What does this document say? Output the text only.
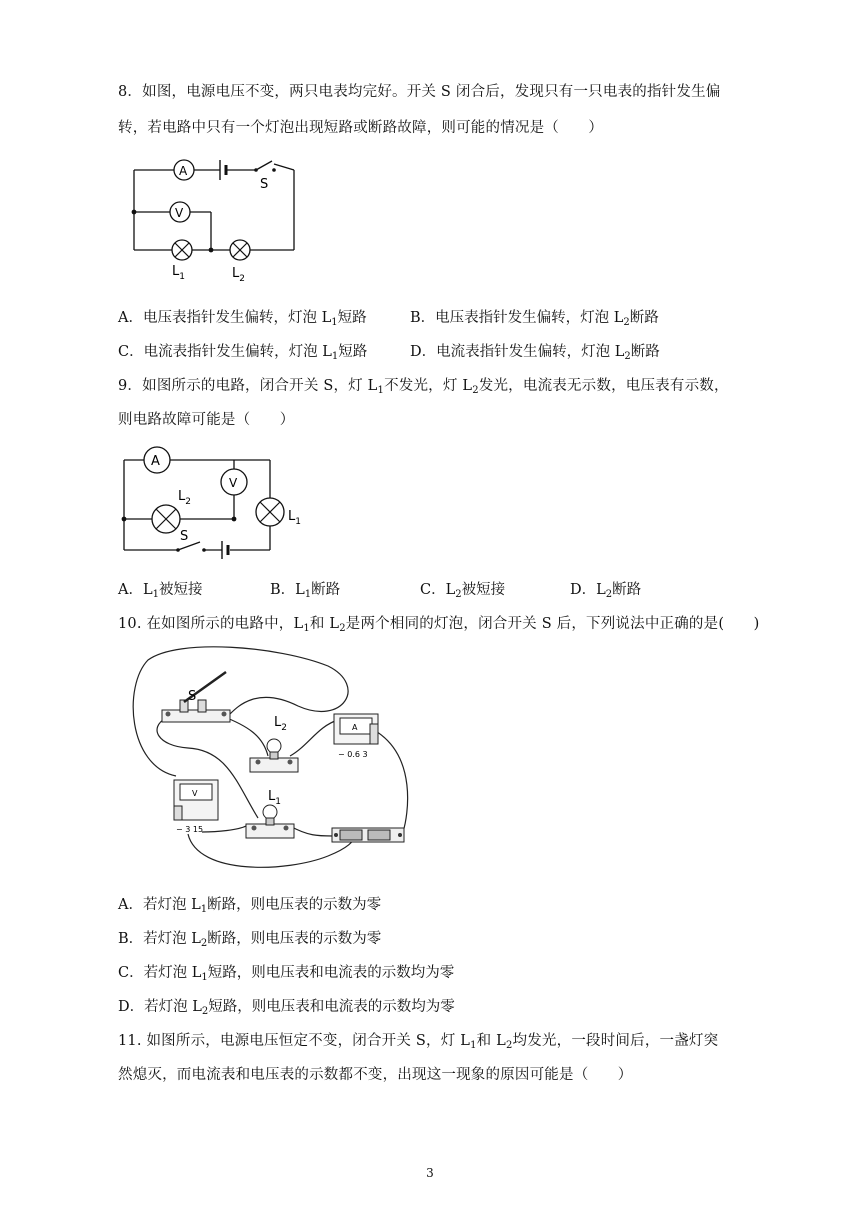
8．如图，电源电压不变，两只电表均完好。开关 S 闭合后，发现只有一只电表的指针发生偏
转，若电路中只有一个灯泡出现短路或断路故障，则可能的情况是（　　）
S
A
V
$L_1$	$L_2$
A．电压表指针发生偏转，灯泡 $L_1$短路	B．电压表指针发生偏转，灯泡 $L_2$断路
C．电流表指针发生偏转，灯泡 $L_1$短路	D．电流表指针发生偏转，灯泡 $L_2$断路
9．如图所示的电路，闭合开关 S，灯 $L_1$不发光，灯 $L_2$发光，电流表无示数，电压表有示数，
则电路故障可能是（　　）
A
V
$L_2$
$L_1$
S
A．$L_1$被短接	B．$L_1$断路	C．$L_2$被短接	D．$L_2$断路
10. 在如图所示的电路中，$L_1$和 $L_2$是两个相同的灯泡，闭合开关 S 后，下列说法中正确的是(　　)
S
$L_2$	A
− 0.6 3
V
− 3 15
$L_1$
A．若灯泡 $L_1$断路，则电压表的示数为零
B．若灯泡 $L_2$断路，则电压表的示数为零
C．若灯泡 $L_1$短路，则电压表和电流表的示数均为零
D．若灯泡 $L_2$短路，则电压表和电流表的示数均为零
11. 如图所示，电源电压恒定不变，闭合开关 S，灯 $L_1$和 $L_2$均发光，一段时间后，一盏灯突
然熄灭，而电流表和电压表的示数都不变，出现这一现象的原因可能是（　　）
3
